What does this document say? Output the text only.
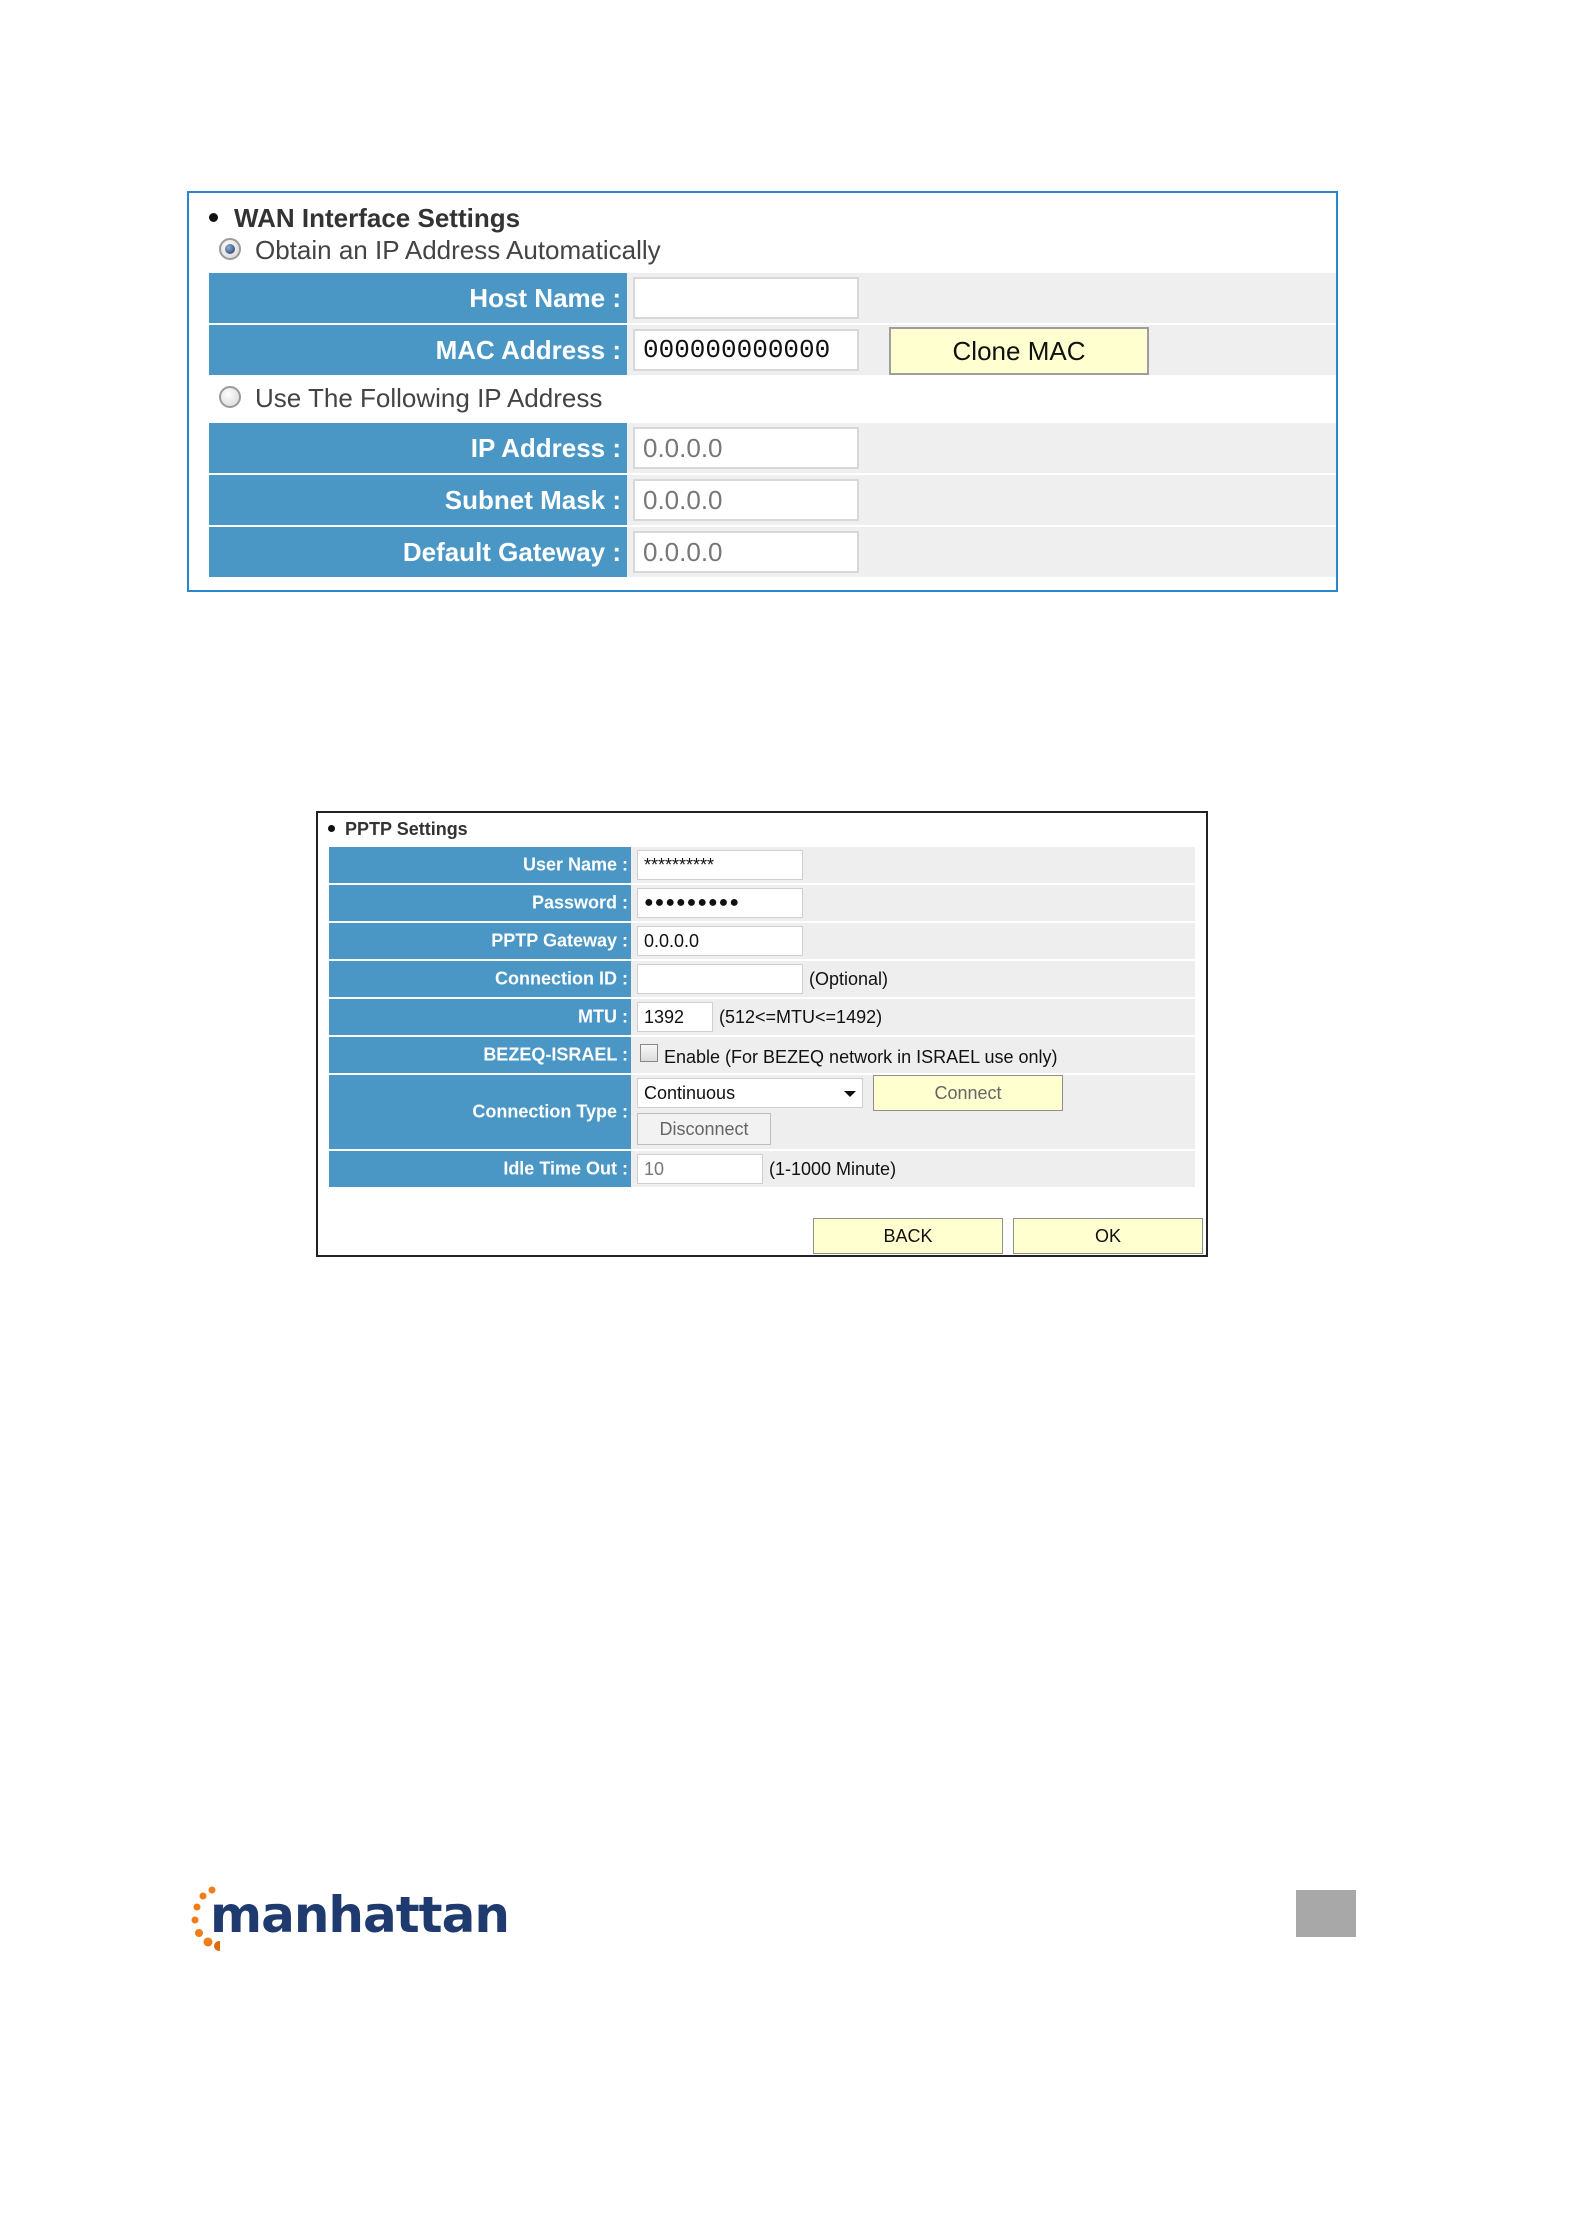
WAN Interface Settings
Obtain an IP Address Automatically
Host Name :
MAC Address : 000000000000	Clone MAC
Use The Following IP Address
IP Address : 0.0.0.0
Subnet Mask : 0.0.0.0
Default Gateway : 0.0.0.0
PPTP Settings
User Name : **********
Password :	●●●●●●●●●
PPTP Gateway : 0.0.0.0
Connection ID :	(Optional)
MTU : 1392	(512<=MTU<=1492)
BEZEQ-ISRAEL : Enable (For BEZEQ network in ISRAEL use only)
Connection Type :
Continuous	Connect
Disconnect
Idle Time Out : 10	(1-1000 Minute)
BACK	OK
manhattan
